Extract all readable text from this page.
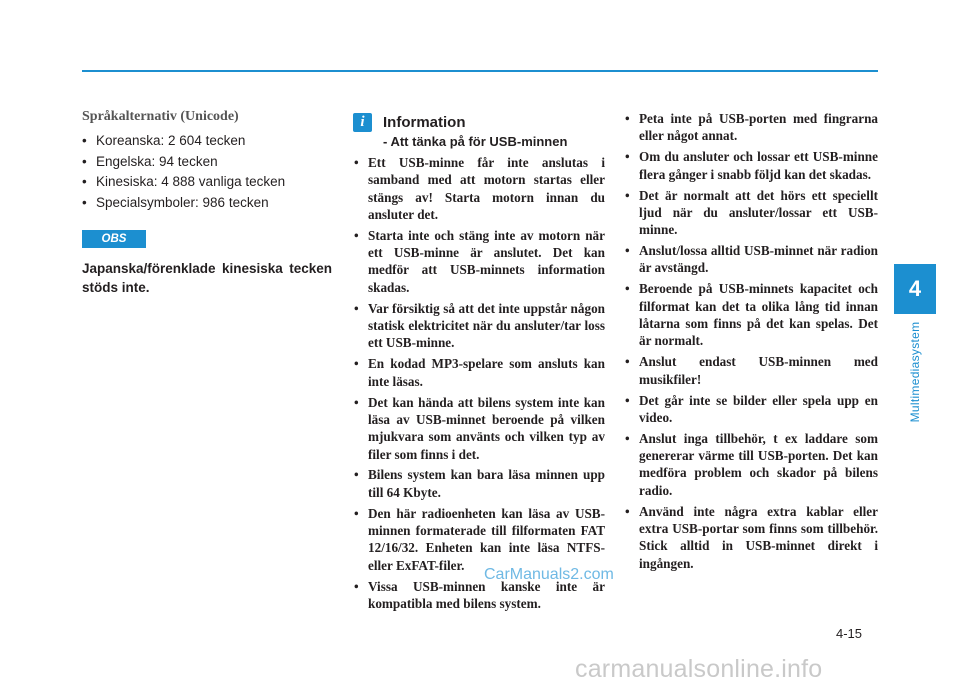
4
Multimediasystem
Språkalternativ (Unicode)
• Koreanska: 2 604 tecken
• Engelska: 94 tecken
• Kinesiska: 4 888 vanliga tecken
• Specialsymboler: 986 tecken
OBS

Japanska/förenklade kinesiska tecken stöds inte.

i	Information
- Att tänka på för USB-minnen
• Ett USB-minne får inte anslutas i samband med att motorn startas eller stängs av! Starta motorn innan du ansluter det.
• Starta inte och stäng inte av motorn när ett USB-minne är anslutet. Det kan medför att USB-minnets information skadas.
• Var försiktig så att det inte uppstår någon statisk elektricitet när du ansluter/tar loss ett USB-minne.
• En kodad MP3-spelare som ansluts kan inte läsas.
• Det kan hända att bilens system inte kan läsa av USB-minnet beroende på vilken mjukvara som använts och vilken typ av filer som finns i det.
• Bilens system kan bara läsa minnen upp till 64 Kbyte.
• Den här radioenheten kan läsa av USB-minnen formaterade till filformaten FAT 12/16/32. Enheten kan inte läsa NTFS- eller ExFAT-filer.
• Vissa USB-minnen kanske inte är kompatibla med bilens system.
• Peta inte på USB-porten med fingrarna eller något annat.
• Om du ansluter och lossar ett USB-minne flera gånger i snabb följd kan det skadas.
• Det är normalt att det hörs ett speciellt ljud när du ansluter/lossar ett USB-minne.
• Anslut/lossa alltid USB-minnet när radion är avstängd.
• Beroende på USB-minnets kapacitet och filformat kan det ta olika lång tid innan låtarna som finns på det kan spelas. Det är normalt.
• Anslut endast USB-minnen med musikfiler!
• Det går inte se bilder eller spela upp en video.
• Anslut inga tillbehör, t ex laddare som genererar värme till USB-porten. Det kan medföra problem och skador på bilens radio.
• Använd inte några extra kablar eller extra USB-portar som finns som tillbehör. Stick alltid in USB-minnet direkt i ingången.
CarManuals2.com
4-15
carmanualsonline.info
